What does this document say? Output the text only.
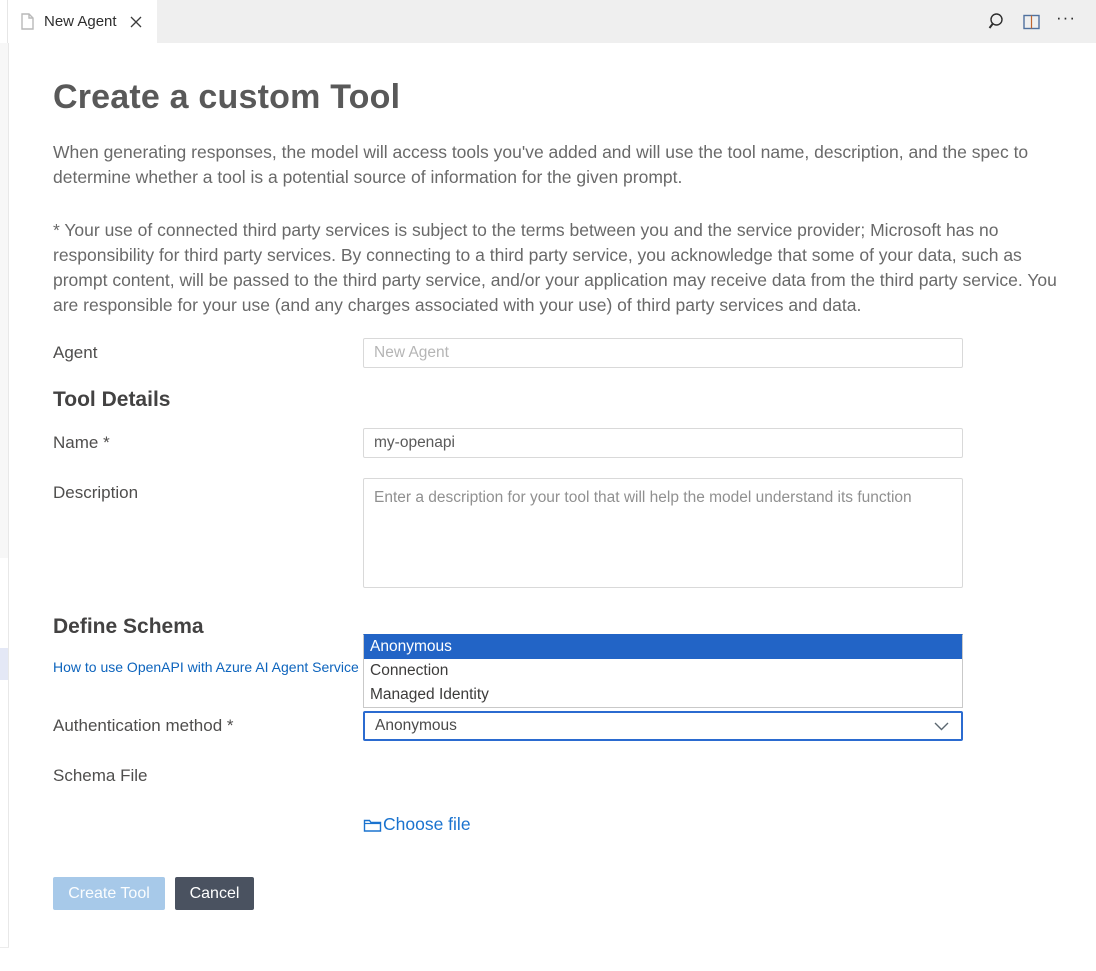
New Agent	···
Create a custom Tool

When generating responses, the model will access tools you've added and will use the tool name, description, and the spec to determine whether a tool is a potential source of information for the given prompt.

* Your use of connected third party services is subject to the terms between you and the service provider; Microsoft has no responsibility for third party services. By connecting to a third party service, you acknowledge that some of your data, such as prompt content, will be passed to the third party service, and/or your application may receive data from the third party service. You are responsible for your use (and any charges associated with your use) of third party services and data.

Agent
New Agent
Tool Details
Name *
my-openapi
Description
Enter a description for your tool that will help the model understand its function
Define Schema
How to use OpenAPI with Azure AI Agent Service
Authentication method *
Anonymous
Connection
Managed Identity
Anonymous
Schema File
Choose file
Create Tool	Cancel
